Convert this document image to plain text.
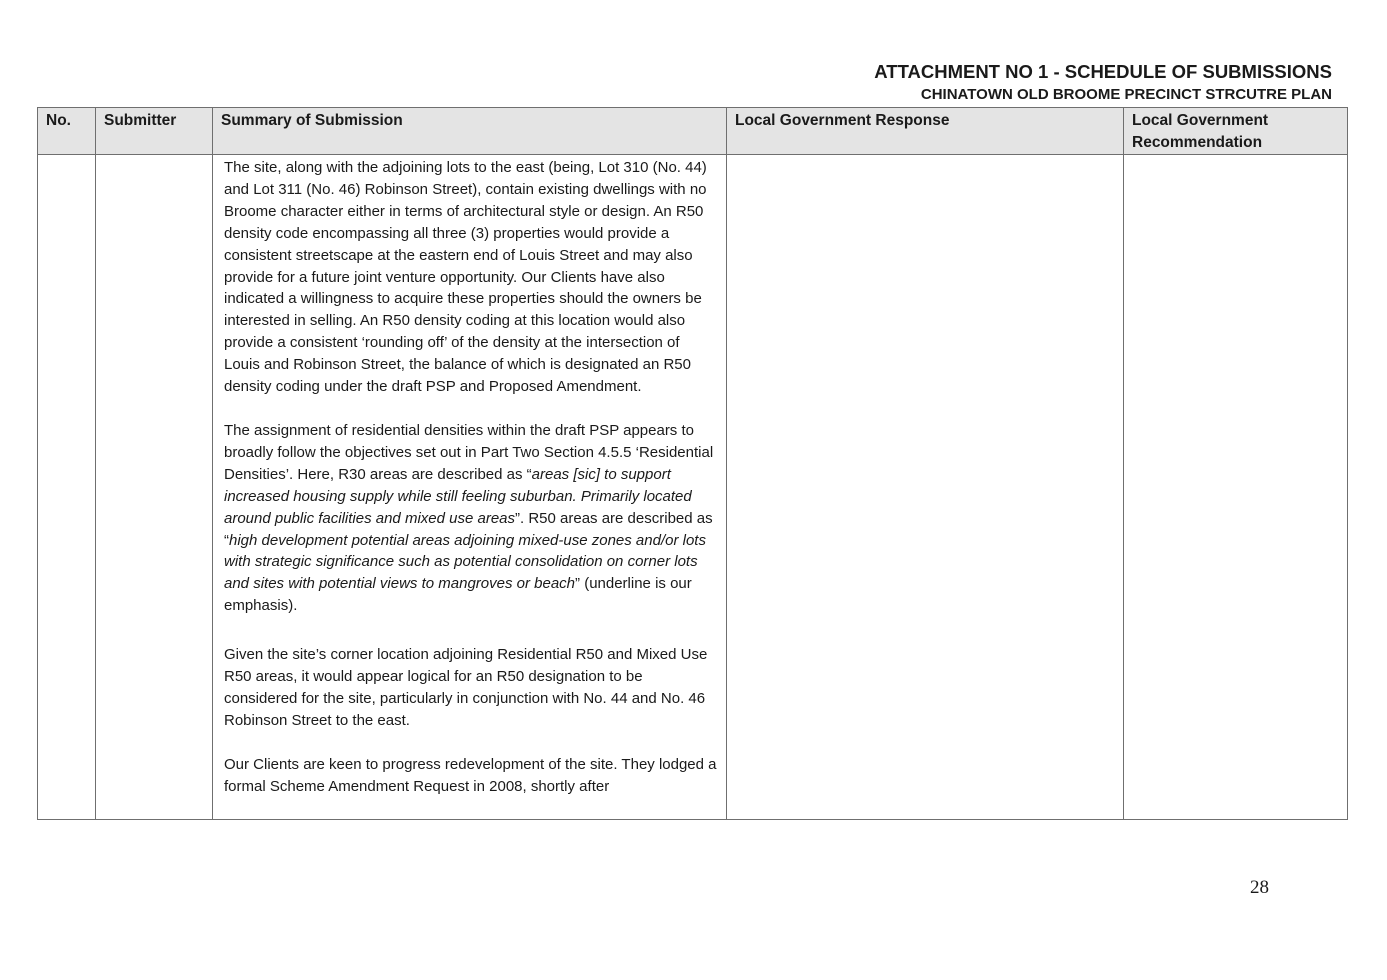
ATTACHMENT NO 1 - SCHEDULE OF SUBMISSIONS
CHINATOWN OLD BROOME PRECINCT STRCUTRE PLAN
No.	Submitter	Summary of Submission	Local Government Response	Local Government Recommendation

		The site, along with the adjoining lots to the east (being, Lot 310 (No. 44) and Lot 311 (No. 46) Robinson Street), contain existing dwellings with no Broome character either in terms of architectural style or design. An R50 density code encompassing all three (3) properties would provide a consistent streetscape at the eastern end of Louis Street and may also provide for a future joint venture opportunity. Our Clients have also indicated a willingness to acquire these properties should the owners be interested in selling. An R50 density coding at this location would also provide a consistent ‘rounding off’ of the density at the intersection of Louis and Robinson Street, the balance of which is designated an R50 density coding under the draft PSP and Proposed Amendment.

The assignment of residential densities within the draft PSP appears to broadly follow the objectives set out in Part Two Section 4.5.5 ‘Residential Densities’. Here, R30 areas are described as “areas [sic] to support increased housing supply while still feeling suburban. Primarily located around public facilities and mixed use areas”. R50 areas are described as “high development potential areas adjoining mixed-use zones and/or lots with strategic significance such as potential consolidation on corner lots and sites with potential views to mangroves or beach” (underline is our emphasis).

Given the site’s corner location adjoining Residential R50 and Mixed Use R50 areas, it would appear logical for an R50 designation to be considered for the site, particularly in conjunction with No. 44 and No. 46 Robinson Street to the east.

Our Clients are keen to progress redevelopment of the site. They lodged a formal Scheme Amendment Request in 2008, shortly after		

28
